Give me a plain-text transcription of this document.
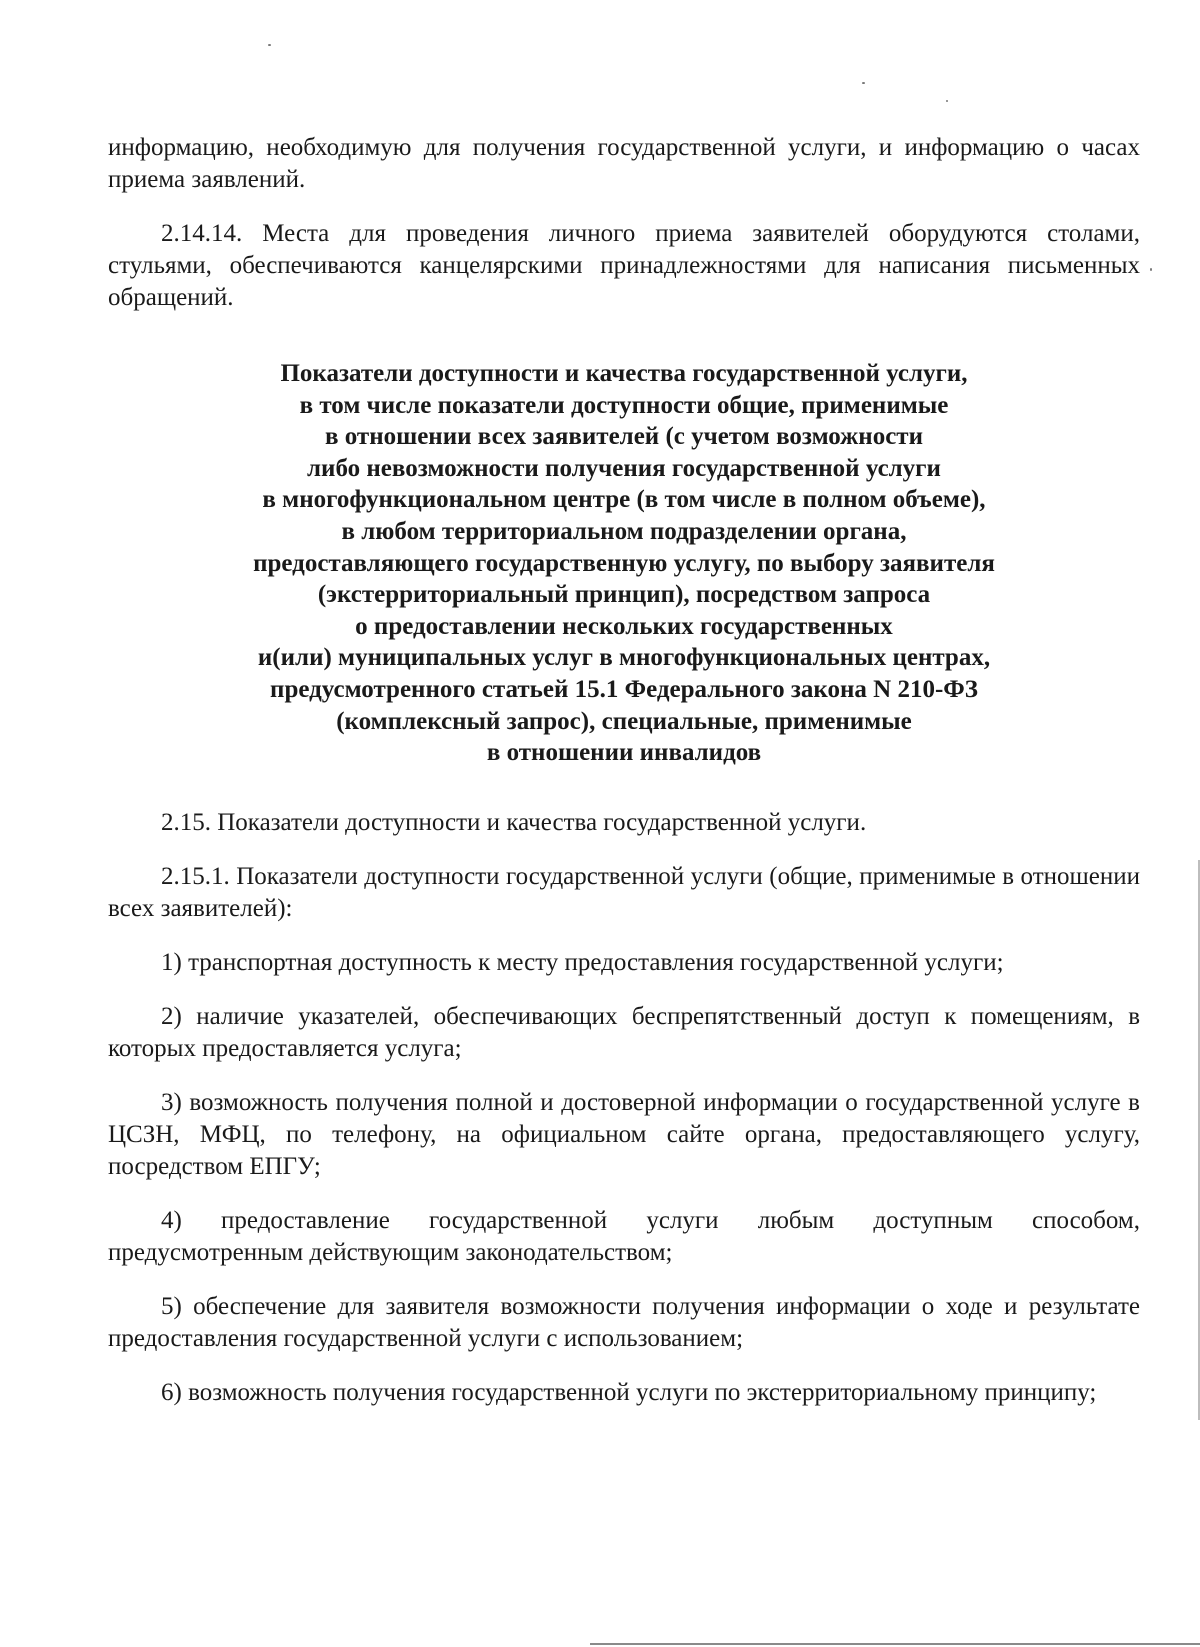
информацию, необходимую для получения государственной услуги, и информацию о часах приема заявлений.

2.14.14. Места для проведения личного приема заявителей оборудуются столами, стульями, обеспечиваются канцелярскими принадлежностями для написания письменных обращений.

Показатели доступности и качества государственной услуги,
в том числе показатели доступности общие, применимые
в отношении всех заявителей (с учетом возможности
либо невозможности получения государственной услуги
в многофункциональном центре (в том числе в полном объеме),
в любом территориальном подразделении органа,
предоставляющего государственную услугу, по выбору заявителя
(экстерриториальный принцип), посредством запроса
о предоставлении нескольких государственных
и(или) муниципальных услуг в многофункциональных центрах,
предусмотренного статьей 15.1 Федерального закона N 210-ФЗ
(комплексный запрос), специальные, применимые
в отношении инвалидов

2.15. Показатели доступности и качества государственной услуги.

2.15.1. Показатели доступности государственной услуги (общие, применимые в отношении всех заявителей):

1) транспортная доступность к месту предоставления государственной услуги;

2) наличие указателей, обеспечивающих беспрепятственный доступ к помещениям, в которых предоставляется услуга;

3) возможность получения полной и достоверной информации о государственной услуге в ЦСЗН, МФЦ, по телефону, на официальном сайте органа, предоставляющего услугу, посредством ЕПГУ;

4) предоставление государственной услуги любым доступным способом, предусмотренным действующим законодательством;

5) обеспечение для заявителя возможности получения информации о ходе и результате предоставления государственной услуги с использованием;

6) возможность получения государственной услуги по экстерриториальному принципу;
